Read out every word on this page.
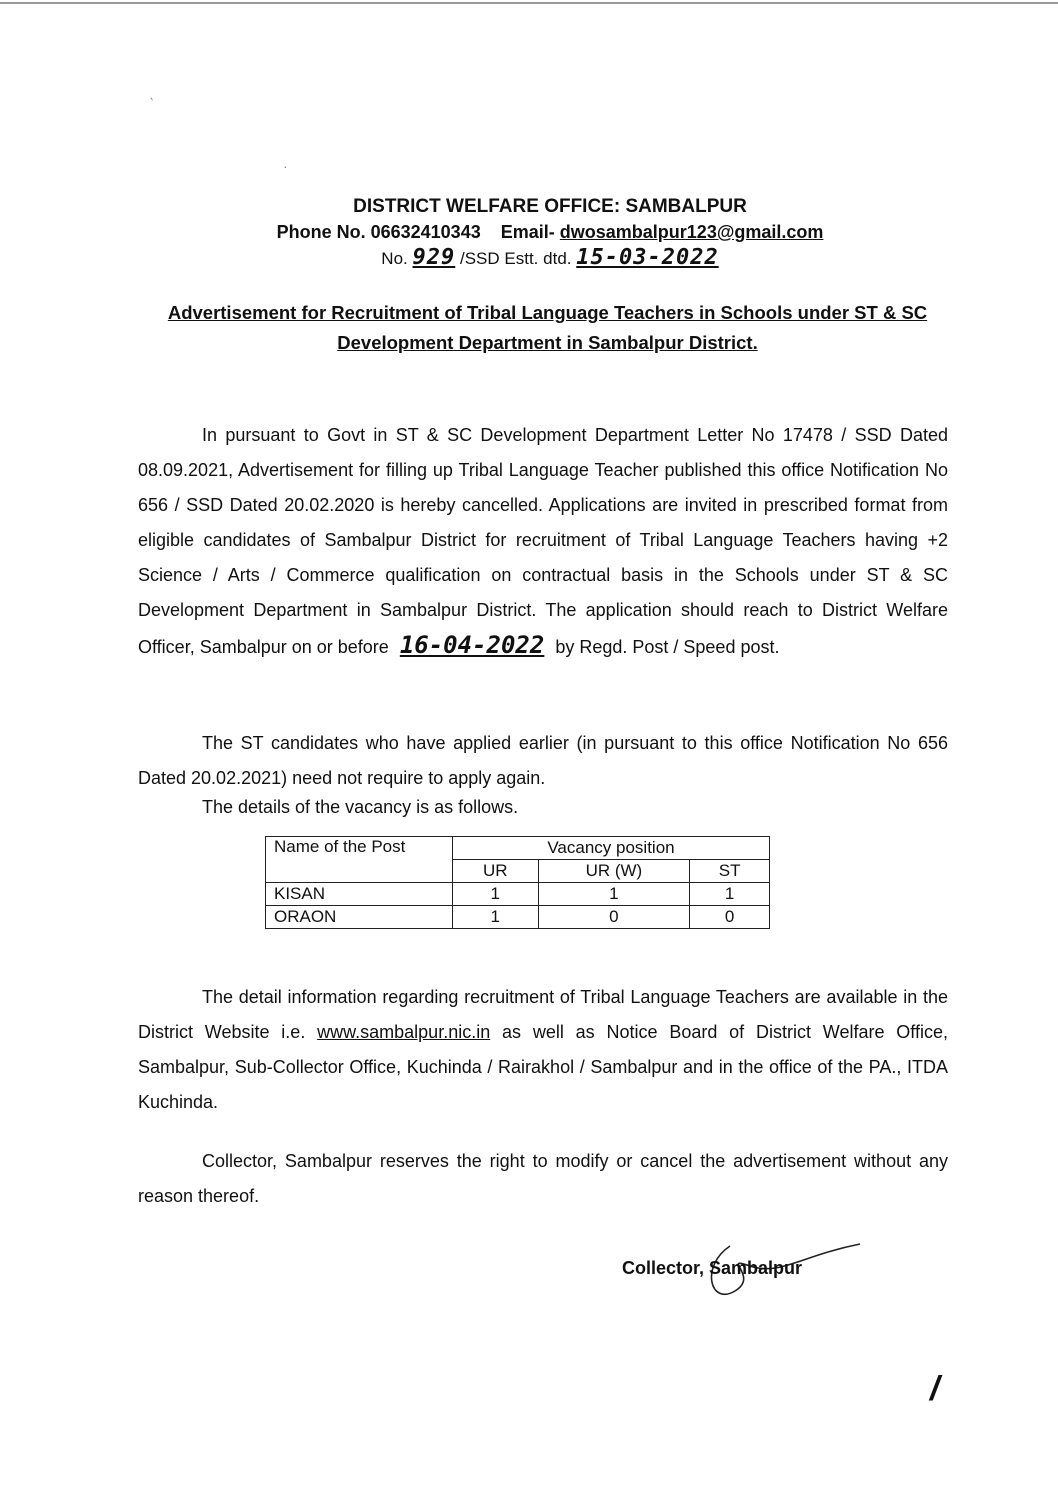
‵
·
DISTRICT WELFARE OFFICE: SAMBALPUR
Phone No. 06632410343 Email- dwosambalpur123@gmail.com
No. 929 /SSD Estt. dtd. 15-03-2022
Advertisement for Recruitment of Tribal Language Teachers in Schools under ST & SC Development Department in Sambalpur District.

In pursuant to Govt in ST & SC Development Department Letter No 17478 / SSD Dated 08.09.2021, Advertisement for filling up Tribal Language Teacher published this office Notification No 656 / SSD Dated 20.02.2020 is hereby cancelled. Applications are invited in prescribed format from eligible candidates of Sambalpur District for recruitment of Tribal Language Teachers having +2 Science / Arts / Commerce qualification on contractual basis in the Schools under ST & SC Development Department in Sambalpur District. The application should reach to District Welfare Officer, Sambalpur on or before 16-04-2022 by Regd. Post / Speed post.

The ST candidates who have applied earlier (in pursuant to this office Notification No 656 Dated 20.02.2021) need not require to apply again.

The details of the vacancy is as follows.

Name of the Post	Vacancy position		
	UR	UR (W)	ST
KISAN	1	1	1
ORAON	1	0	0

The detail information regarding recruitment of Tribal Language Teachers are available in the District Website i.e. www.sambalpur.nic.in as well as Notice Board of District Welfare Office, Sambalpur, Sub-Collector Office, Kuchinda / Rairakhol / Sambalpur and in the office of the PA., ITDA Kuchinda.

Collector, Sambalpur reserves the right to modify or cancel the advertisement without any reason thereof.

Collector, Sambalpur
/
